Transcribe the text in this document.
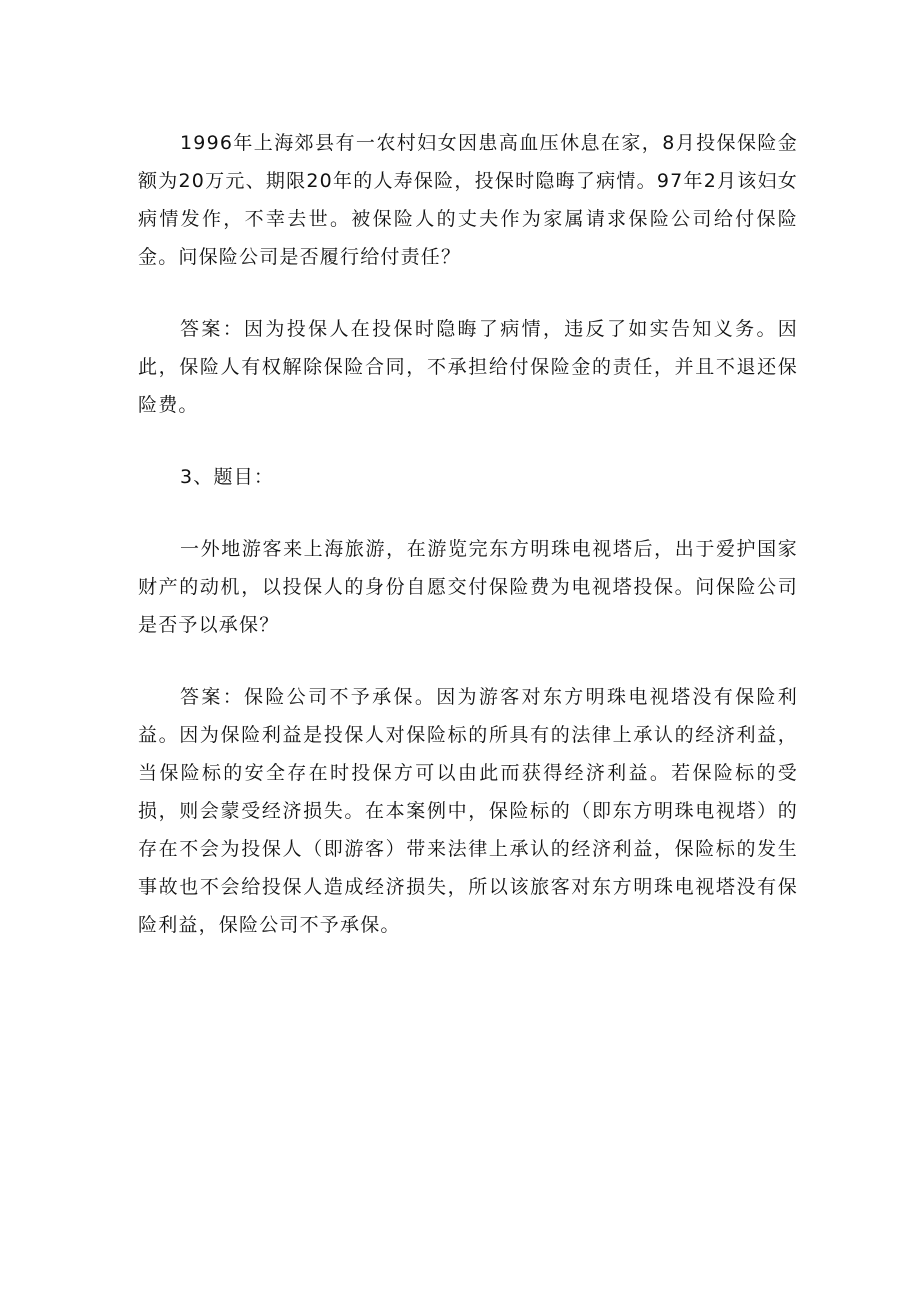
1996年上海郊县有一农村妇女因患高血压休息在家，8月投保保险金额为20万元、期限20年的人寿保险，投保时隐晦了病情。97年2月该妇女病情发作，不幸去世。被保险人的丈夫作为家属请求保险公司给付保险金。问保险公司是否履行给付责任？

答案：因为投保人在投保时隐晦了病情，违反了如实告知义务。因此，保险人有权解除保险合同，不承担给付保险金的责任，并且不退还保险费。

3、题目：

一外地游客来上海旅游，在游览完东方明珠电视塔后，出于爱护国家财产的动机，以投保人的身份自愿交付保险费为电视塔投保。问保险公司是否予以承保？

答案：保险公司不予承保。因为游客对东方明珠电视塔没有保险利益。因为保险利益是投保人对保险标的所具有的法律上承认的经济利益，当保险标的安全存在时投保方可以由此而获得经济利益。若保险标的受损，则会蒙受经济损失。在本案例中，保险标的（即东方明珠电视塔）的存在不会为投保人（即游客）带来法律上承认的经济利益，保险标的发生事故也不会给投保人造成经济损失，所以该旅客对东方明珠电视塔没有保险利益，保险公司不予承保。
